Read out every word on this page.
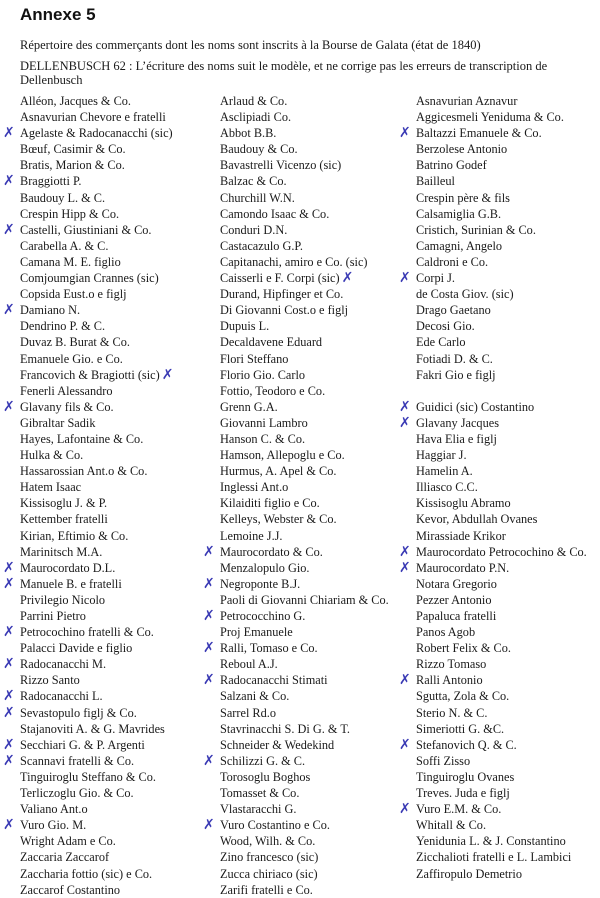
Annexe 5
Répertoire des commerçants dont les noms sont inscrits à la Bourse de Galata (état de 1840)
DELLENBUSCH 62 : L’écriture des noms suit le modèle, et ne corrige pas les erreurs de transcription de Dellenbusch
Alléon, Jacques & Co.
Asnavurian Chevore e fratelli
✗ Agelaste & Radocanacchi (sic)
Bœuf, Casimir & Co.
Bratis, Marion & Co.
✗ Braggiotti P.
Baudouy L. & C.
Crespin Hipp & Co.
✗ Castelli, Giustiniani & Co.
Carabella A. & C.
Camana M. E. figlio
Comjoumgian Crannes (sic)
Copsida Eust.o e figlj
✗ Damiano N.
Dendrino P. & C.
Duvaz B. Burat & Co.
Emanuele Gio. e Co.
Francovich & Bragiotti (sic) ✗
Fenerli Alessandro
✗ Glavany fils & Co.
Gibraltar Sadik
Hayes, Lafontaine & Co.
Hulka & Co.
Hassarossian Ant.o & Co.
Hatem Isaac
Kissisoglu J. & P.
Kettember fratelli
Kirian, Eftimio & Co.
Marinitsch M.A.
✗ Maurocordato D.L.
✗ Manuele B. e fratelli
Privilegio Nicolo
Parrini Pietro
✗ Petrocochino fratelli & Co.
Palacci Davide e figlio
✗ Radocanacchi M.
Rizzo Santo
✗ Radocanacchi L.
✗ Sevastopulo figlj & Co.
Stajanoviti A. & G. Mavrides
✗ Secchiari G. & P. Argenti
✗ Scannavi fratelli & Co.
Tinguiroglu Steffano & Co.
Terliczoglu Gio. & Co.
Valiano Ant.o
✗ Vuro Gio. M.
Wright Adam e Co.
Zaccaria Zaccarof
Zaccharia fottio (sic) e Co.
Zaccarof Costantino
Arlaud & Co.
Asclipiadi Co.
Abbot B.B.
Baudouy & Co.
Bavastrelli Vicenzo (sic)
Balzac & Co.
Churchill W.N.
Camondo Isaac & Co.
Conduri D.N.
Castacazulo G.P.
Capitanachi, amiro e Co. (sic)
Caisserli e F. Corpi (sic) ✗
Durand, Hipfinger et Co.
Di Giovanni Cost.o e figlj
Dupuis L.
Decaldavene Eduard
Flori Steffano
Florio Gio. Carlo
Fottio, Teodoro e Co.
Grenn G.A.
Giovanni Lambro
Hanson C. & Co.
Hamson, Allepoglu e Co.
Hurmus, A. Apel & Co.
Inglessi Ant.o
Kilaiditi figlio e Co.
Kelleys, Webster & Co.
Lemoine J.J.
✗ Maurocordato & Co.
Menzalopulo Gio.
✗ Negroponte B.J.
Paoli di Giovanni Chiariam & Co.
✗ Petrococchino G.
Proj Emanuele
✗ Ralli, Tomaso e Co.
Reboul A.J.
✗ Radocanacchi Stimati
Salzani & Co.
Sarrel Rd.o
Stavrinacchi S. Di G. & T.
Schneider & Wedekind
✗ Schilizzi G. & C.
Torosoglu Boghos
Tomasset & Co.
Vlastaracchi G.
✗ Vuro Costantino e Co.
Wood, Wilh. & Co.
Zino francesco (sic)
Zucca chiriaco (sic)
Zarifi fratelli e Co.
Asnavurian Aznavur
Aggicesmeli Yeniduma & Co.
✗ Baltazzi Emanuele & Co.
Berzolese Antonio
Batrino Godef
Bailleul
Crespin père & fils
Calsamiglia G.B.
Cristich, Surinian & Co.
Camagni, Angelo
Caldroni e Co.
✗ Corpi J.
de Costa Giov. (sic)
Drago Gaetano
Decosi Gio.
Ede Carlo
Fotiadi D. & C.
Fakri Gio e figlj
✗ Guidici (sic) Costantino
✗ Glavany Jacques
Hava Elia e figlj
Haggiar J.
Hamelin A.
Illiasco C.C.
Kissisoglu Abramo
Kevor, Abdullah Ovanes
Mirassiade Krikor
✗ Maurocordato Petrocochino & Co.
✗ Maurocordato P.N.
Notara Gregorio
Pezzer Antonio
Papaluca fratelli
Panos Agob
Robert Felix & Co.
Rizzo Tomaso
✗ Ralli Antonio
Sgutta, Zola & Co.
Sterio N. & C.
Simeriotti G. &C.
✗ Stefanovich Q. & C.
Soffi Zisso
Tinguiroglu Ovanes
Treves. Juda e figlj
✗ Vuro E.M. & Co.
Whitall & Co.
Yenidunia L. & J. Constantino
Zicchalioti fratelli e L. Lambici
Zaffiropulo Demetrio
